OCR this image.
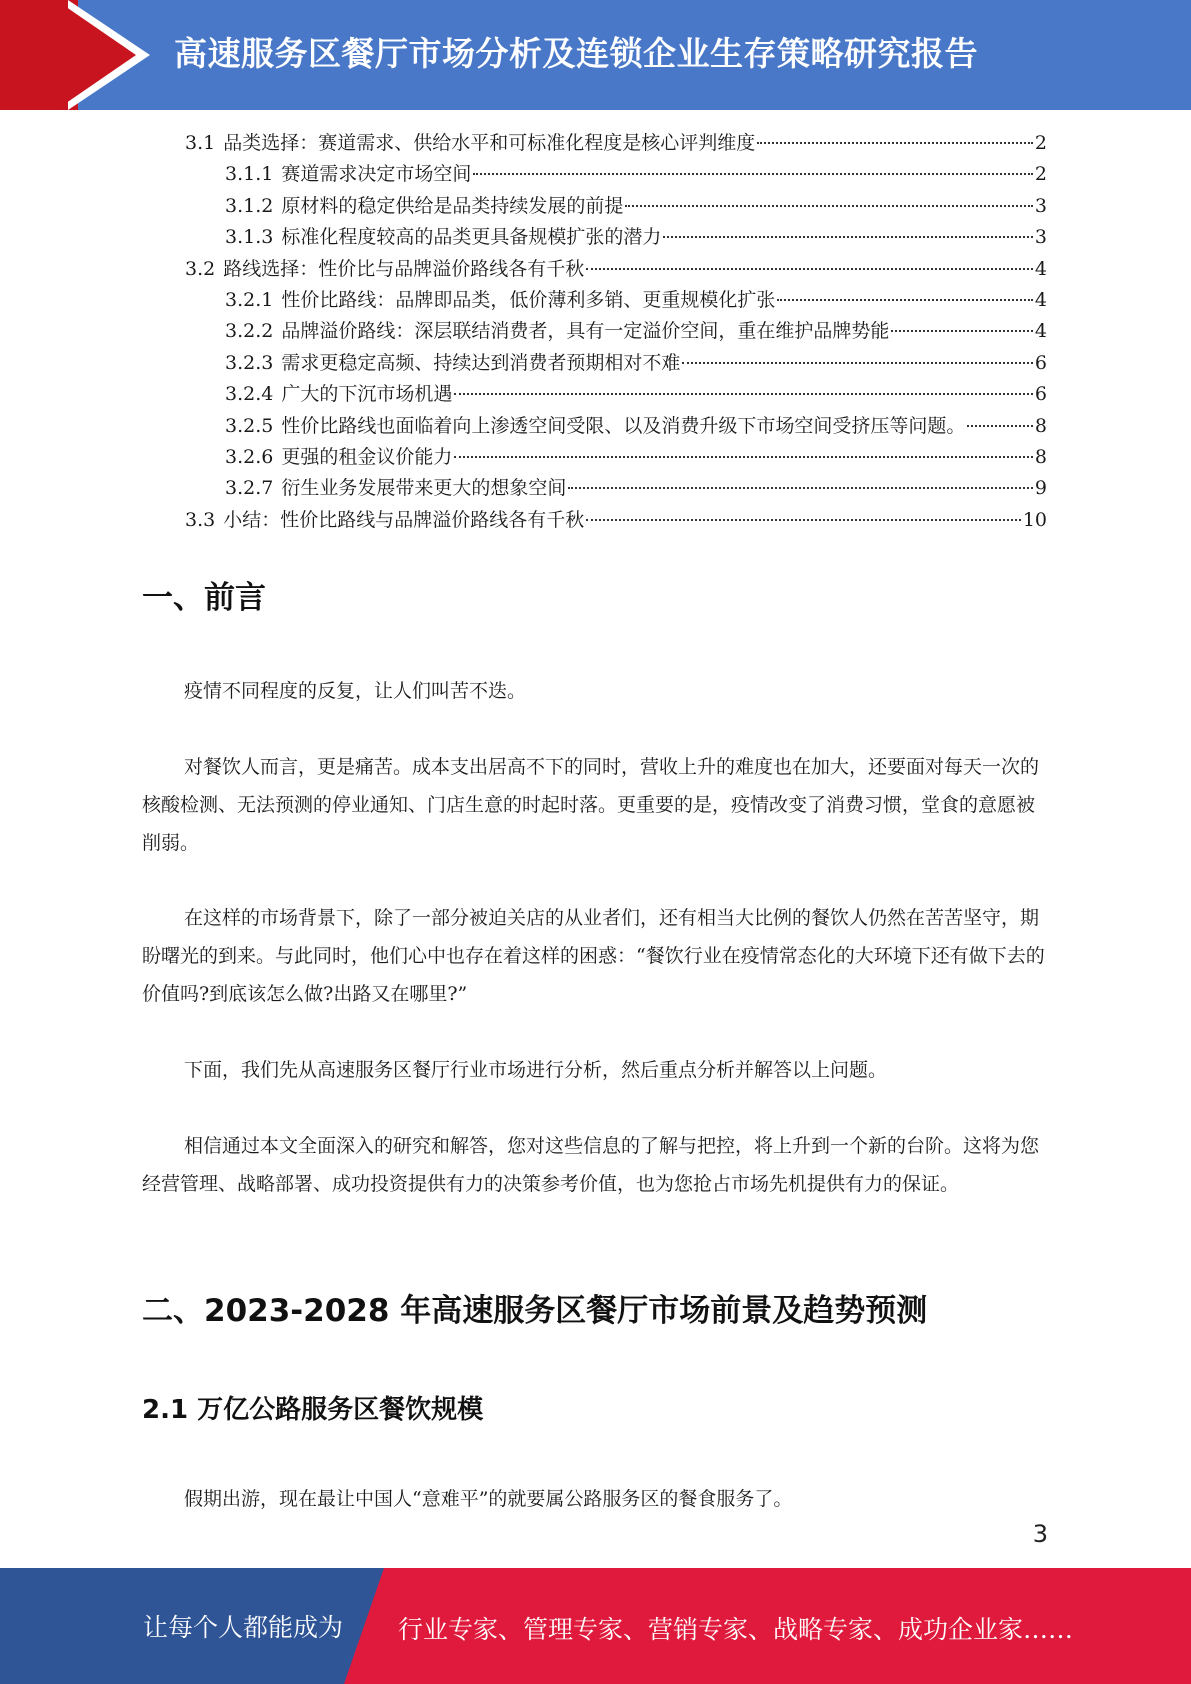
高速服务区餐厅市场分析及连锁企业生存策略研究报告
3.1 品类选择：赛道需求、供给水平和可标准化程度是核心评判维度	2
3.1.1 赛道需求决定市场空间	2
3.1.2 原材料的稳定供给是品类持续发展的前提	3
3.1.3 标准化程度较高的品类更具备规模扩张的潜力	3
3.2 路线选择：性价比与品牌溢价路线各有千秋	4
3.2.1 性价比路线：品牌即品类，低价薄利多销、更重规模化扩张	4
3.2.2 品牌溢价路线：深层联结消费者，具有一定溢价空间，重在维护品牌势能	4
3.2.3 需求更稳定高频、持续达到消费者预期相对不难	6
3.2.4 广大的下沉市场机遇	6
3.2.5 性价比路线也面临着向上渗透空间受限、以及消费升级下市场空间受挤压等问题。	8
3.2.6 更强的租金议价能力	8
3.2.7 衍生业务发展带来更大的想象空间	9
3.3 小结：性价比路线与品牌溢价路线各有千秋	10
一、前言
疫情不同程度的反复，让人们叫苦不迭。
对餐饮人而言，更是痛苦。成本支出居高不下的同时，营收上升的难度也在加大，还要面对每天一次的核酸检测、无法预测的停业通知、门店生意的时起时落。更重要的是，疫情改变了消费习惯，堂食的意愿被削弱。
在这样的市场背景下，除了一部分被迫关店的从业者们，还有相当大比例的餐饮人仍然在苦苦坚守，期盼曙光的到来。与此同时，他们心中也存在着这样的困惑：“餐饮行业在疫情常态化的大环境下还有做下去的价值吗?到底该怎么做?出路又在哪里?”
下面，我们先从高速服务区餐厅行业市场进行分析，然后重点分析并解答以上问题。
相信通过本文全面深入的研究和解答，您对这些信息的了解与把控，将上升到一个新的台阶。这将为您经营管理、战略部署、成功投资提供有力的决策参考价值，也为您抢占市场先机提供有力的保证。
二、2023-2028 年高速服务区餐厅市场前景及趋势预测
2.1 万亿公路服务区餐饮规模
假期出游，现在最让中国人“意难平”的就要属公路服务区的餐食服务了。
3
让每个人都能成为 行业专家、管理专家、营销专家、战略专家、成功企业家……
